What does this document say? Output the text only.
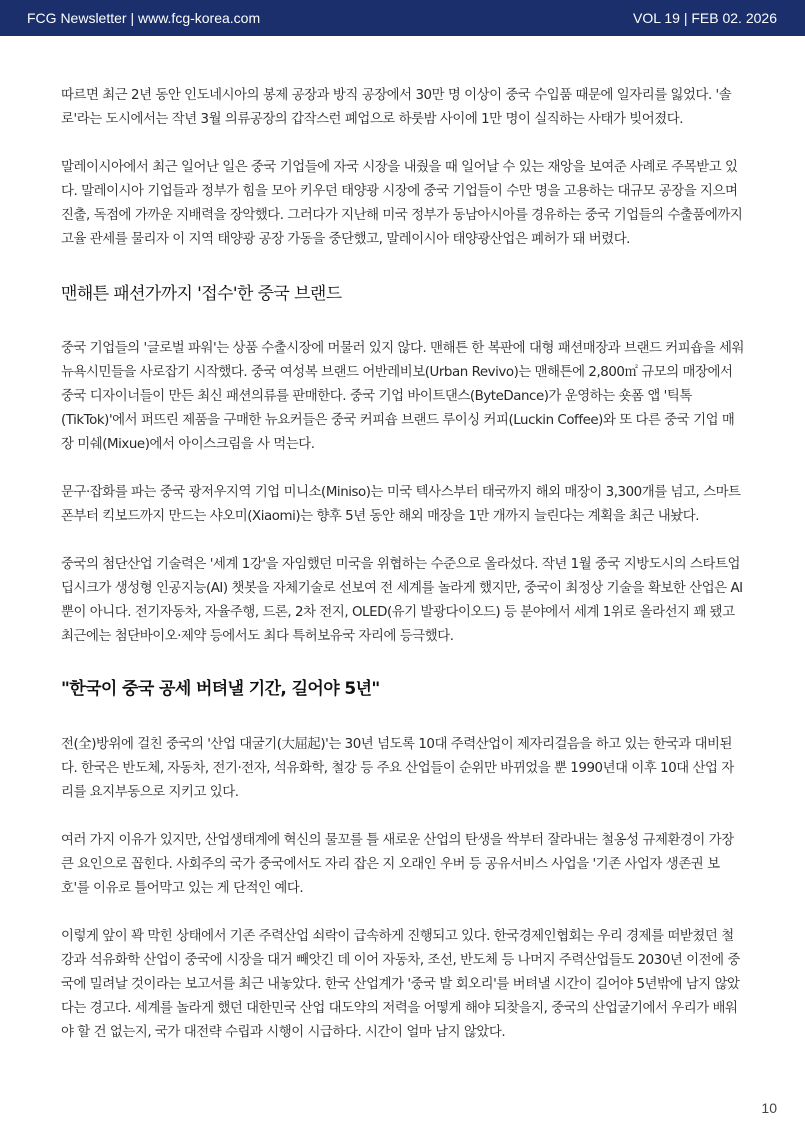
FCG Newsletter | www.fcg-korea.com	VOL 19 | FEB 02. 2026

따르면 최근 2년 동안 인도네시아의 봉제 공장과 방직 공장에서 30만 명 이상이 중국 수입품 때문에 일자리를 잃었다. '솔로'라는 도시에서는 작년 3월 의류공장의 갑작스런 폐업으로 하룻밤 사이에 1만 명이 실직하는 사태가 빚어졌다.

말레이시아에서 최근 일어난 일은 중국 기업들에 자국 시장을 내줬을 때 일어날 수 있는 재앙을 보여준 사례로 주목받고 있다. 말레이시아 기업들과 정부가 힘을 모아 키우던 태양광 시장에 중국 기업들이 수만 명을 고용하는 대규모 공장을 지으며 진출, 독점에 가까운 지배력을 장악했다. 그러다가 지난해 미국 정부가 동남아시아를 경유하는 중국 기업들의 수출품에까지 고율 관세를 물리자 이 지역 태양광 공장 가동을 중단했고, 말레이시아 태양광산업은 폐허가 돼 버렸다.

맨해튼 패션가까지 '접수'한 중국 브랜드

중국 기업들의 '글로벌 파워'는 상품 수출시장에 머물러 있지 않다. 맨해튼 한 복판에 대형 패션매장과 브랜드 커피숍을 세워 뉴욕시민들을 사로잡기 시작했다. 중국 여성복 브랜드 어반레비보(Urban Revivo)는 맨해튼에 2,800㎡ 규모의 매장에서 중국 디자이너들이 만든 최신 패션의류를 판매한다. 중국 기업 바이트댄스(ByteDance)가 운영하는 숏폼 앱 '틱톡(TikTok)'에서 퍼뜨린 제품을 구매한 뉴요커들은 중국 커피숍 브랜드 루이싱 커피(Luckin Coffee)와 또 다른 중국 기업 매장 미쉐(Mixue)에서 아이스크림을 사 먹는다.

문구·잡화를 파는 중국 광저우지역 기업 미니소(Miniso)는 미국 텍사스부터 태국까지 해외 매장이 3,300개를 넘고, 스마트폰부터 킥보드까지 만드는 샤오미(Xiaomi)는 향후 5년 동안 해외 매장을 1만 개까지 늘린다는 계획을 최근 내놨다.

중국의 첨단산업 기술력은 '세계 1강'을 자임했던 미국을 위협하는 수준으로 올라섰다. 작년 1월 중국 지방도시의 스타트업 딥시크가 생성형 인공지능(AI) 챗봇을 자체기술로 선보여 전 세계를 놀라게 했지만, 중국이 최정상 기술을 확보한 산업은 AI뿐이 아니다. 전기자동차, 자율주행, 드론, 2차 전지, OLED(유기 발광다이오드) 등 분야에서 세계 1위로 올라선지 꽤 됐고 최근에는 첨단바이오·제약 등에서도 최다 특허보유국 자리에 등극했다.

"한국이 중국 공세 버텨낼 기간, 길어야 5년"

전(全)방위에 걸친 중국의 '산업 대굴기(大屈起)'는 30년 넘도록 10대 주력산업이 제자리걸음을 하고 있는 한국과 대비된다. 한국은 반도체, 자동차, 전기·전자, 석유화학, 철강 등 주요 산업들이 순위만 바뀌었을 뿐 1990년대 이후 10대 산업 자리를 요지부동으로 지키고 있다.

여러 가지 이유가 있지만, 산업생태계에 혁신의 물꼬를 틀 새로운 산업의 탄생을 싹부터 잘라내는 철옹성 규제환경이 가장 큰 요인으로 꼽힌다. 사회주의 국가 중국에서도 자리 잡은 지 오래인 우버 등 공유서비스 사업을 '기존 사업자 생존권 보호'를 이유로 틀어막고 있는 게 단적인 예다.

이렇게 앞이 꽉 막힌 상태에서 기존 주력산업 쇠락이 급속하게 진행되고 있다. 한국경제인협회는 우리 경제를 떠받쳤던 철강과 석유화학 산업이 중국에 시장을 대거 빼앗긴 데 이어 자동차, 조선, 반도체 등 나머지 주력산업들도 2030년 이전에 중국에 밀려날 것이라는 보고서를 최근 내놓았다. 한국 산업계가 '중국 발 회오리'를 버텨낼 시간이 길어야 5년밖에 남지 않았다는 경고다. 세계를 놀라게 했던 대한민국 산업 대도약의 저력을 어떻게 해야 되찾을지, 중국의 산업굴기에서 우리가 배워야 할 건 없는지, 국가 대전략 수립과 시행이 시급하다. 시간이 얼마 남지 않았다.

10
